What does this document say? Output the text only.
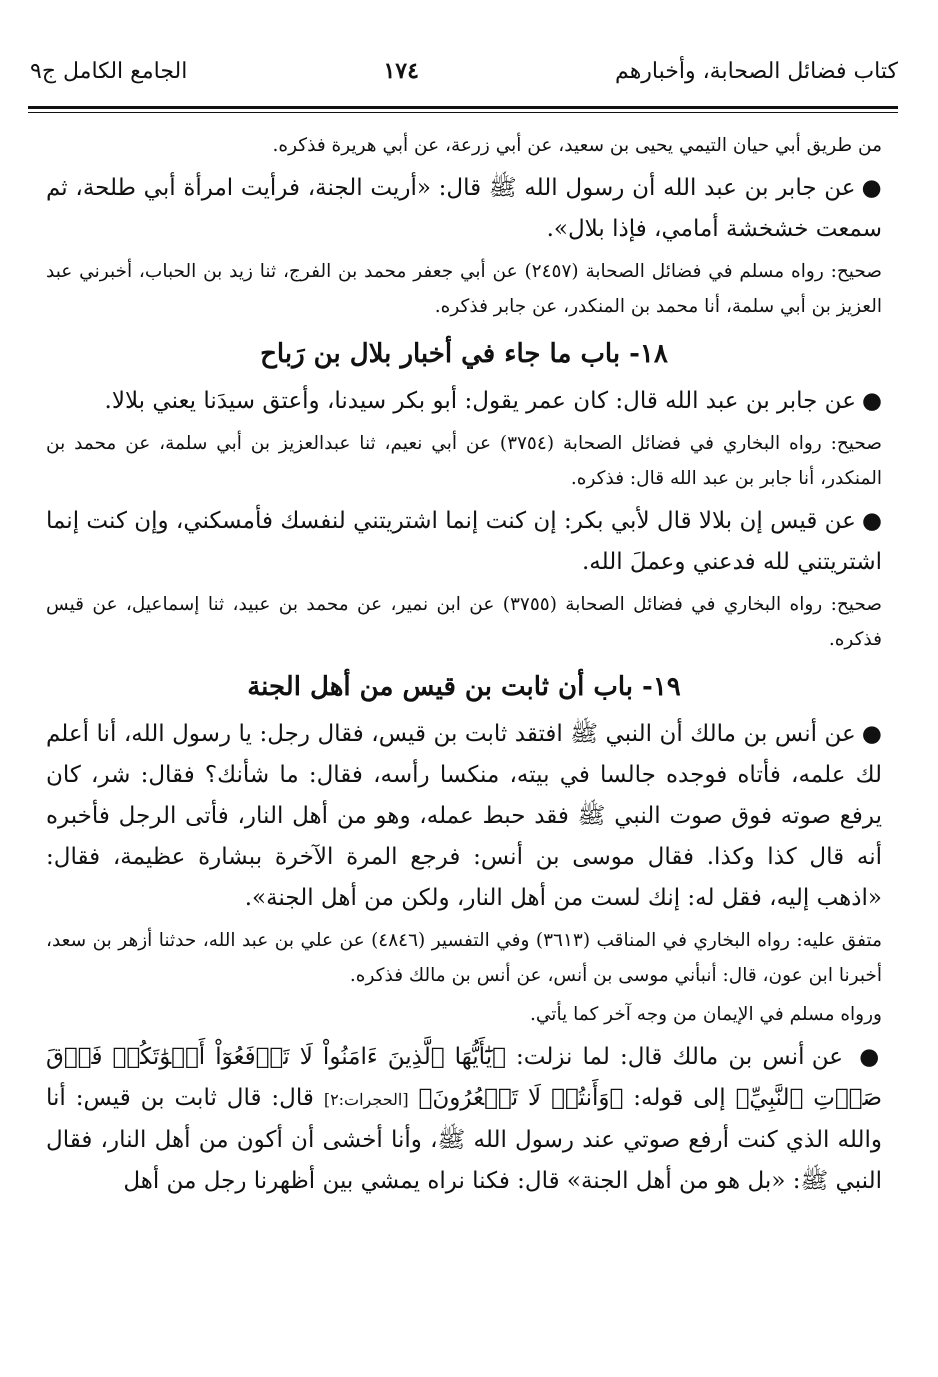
كتاب فضائل الصحابة، وأخبارهم
١٧٤
الجامع الكامل ج٩

من طريق أبي حيان التيمي يحيى بن سعيد، عن أبي زرعة، عن أبي هريرة فذكره.

●عن جابر بن عبد الله أن رسول الله ﷺ قال: «أريت الجنة، فرأيت امرأة أبي طلحة، ثم سمعت خشخشة أمامي، فإذا بلال».

صحيح: رواه مسلم في فضائل الصحابة (٢٤٥٧) عن أبي جعفر محمد بن الفرج، ثنا زيد بن الحباب، أخبرني عبد العزيز بن أبي سلمة، أنا محمد بن المنكدر، عن جابر فذكره.

١٨- باب ما جاء في أخبار بلال بن رَباح

●عن جابر بن عبد الله قال: كان عمر يقول: أبو بكر سيدنا، وأعتق سيدَنا يعني بلالا.

صحيح: رواه البخاري في فضائل الصحابة (٣٧٥٤) عن أبي نعيم، ثنا عبدالعزيز بن أبي سلمة، عن محمد بن المنكدر، أنا جابر بن عبد الله قال: فذكره.

●عن قيس إن بلالا قال لأبي بكر: إن كنت إنما اشتريتني لنفسك فأمسكني، وإن كنت إنما اشتريتني لله فدعني وعملَ الله.

صحيح: رواه البخاري في فضائل الصحابة (٣٧٥٥) عن ابن نمير، عن محمد بن عبيد، ثنا إسماعيل، عن قيس فذكره.

١٩- باب أن ثابت بن قيس من أهل الجنة

●عن أنس بن مالك أن النبي ﷺ افتقد ثابت بن قيس، فقال رجل: يا رسول الله، أنا أعلم لك علمه، فأتاه فوجده جالسا في بيته، منكسا رأسه، فقال: ما شأنك؟ فقال: شر، كان يرفع صوته فوق صوت النبي ﷺ فقد حبط عمله، وهو من أهل النار، فأتى الرجل فأخبره أنه قال كذا وكذا. فقال موسى بن أنس: فرجع المرة الآخرة ببشارة عظيمة، فقال: «اذهب إليه، فقل له: إنك لست من أهل النار، ولكن من أهل الجنة».

متفق عليه: رواه البخاري في المناقب (٣٦١٣) وفي التفسير (٤٨٤٦) عن علي بن عبد الله، حدثنا أزهر بن سعد، أخبرنا ابن عون، قال: أنبأني موسى بن أنس، عن أنس بن مالك فذكره.

ورواه مسلم في الإيمان من وجه آخر كما يأتي.

● عن أنس بن مالك قال: لما نزلت: ﴿يَٰٓأَيُّهَا ٱلَّذِينَ ءَامَنُواْ لَا تَرۡفَعُوٓاْ أَصۡوَٰتَكُمۡ فَوۡقَ صَوۡتِ ٱلنَّبِيِّ﴾ إلى قوله: ﴿وَأَنتُمۡ لَا تَشۡعُرُونَ﴾ [الحجرات:٢] قال: قال ثابت بن قيس: أنا والله الذي كنت أرفع صوتي عند رسول الله ﷺ، وأنا أخشى أن أكون من أهل النار، فقال النبي ﷺ: «بل هو من أهل الجنة» قال: فكنا نراه يمشي بين أظهرنا رجل من أهل
